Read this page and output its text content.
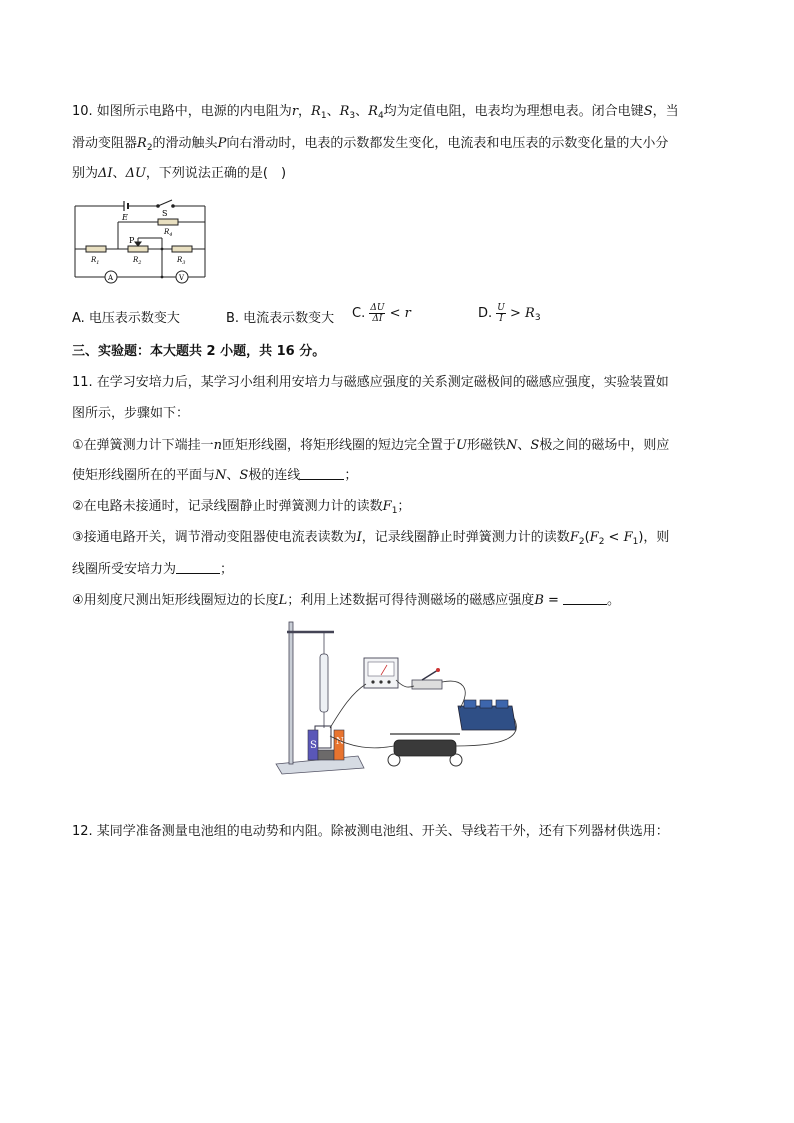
10. 如图所示电路中，电源的内电阻为r，$R_1$、$R_3$、$R_4$均为定值电阻，电表均为理想电表。闭合电键S，当
滑动变阻器$R_2$的滑动触头P向右滑动时，电表的示数都发生变化，电流表和电压表的示数变化量的大小分
别为ΔI、ΔU，下列说法正确的是(　)
E	S
$R_4$
P
$R_1$	$R_2$	$R_3$
A	V
A. 电压表示数变大	B. 电流表示数变大 C. $\frac{\Delta U}{\Delta I} < r$	D. $\frac{U}{I} > R_3$
三、实验题：本大题共 2 小题，共 16 分。
11. 在学习安培力后，某学习小组利用安培力与磁感应强度的关系测定磁极间的磁感应强度，实验装置如
图所示，步骤如下：
①在弹簧测力计下端挂一n匝矩形线圈，将矩形线圈的短边完全置于U形磁铁N、S极之间的磁场中，则应
使矩形线圈所在的平面与N、S极的连线	；
②在电路未接通时，记录线圈静止时弹簧测力计的读数$F_1$；
③接通电路开关，调节滑动变阻器使电流表读数为I，记录线圈静止时弹簧测力计的读数$F_2(F_2 < F_1)$，则
线圈所受安培力为	；
④用刻度尺测出矩形线圈短边的长度L；利用上述数据可得待测磁场的磁感应强度B =	。
S N
12. 某同学准备测量电池组的电动势和内阻。除被测电池组、开关、导线若干外，还有下列器材供选用：
